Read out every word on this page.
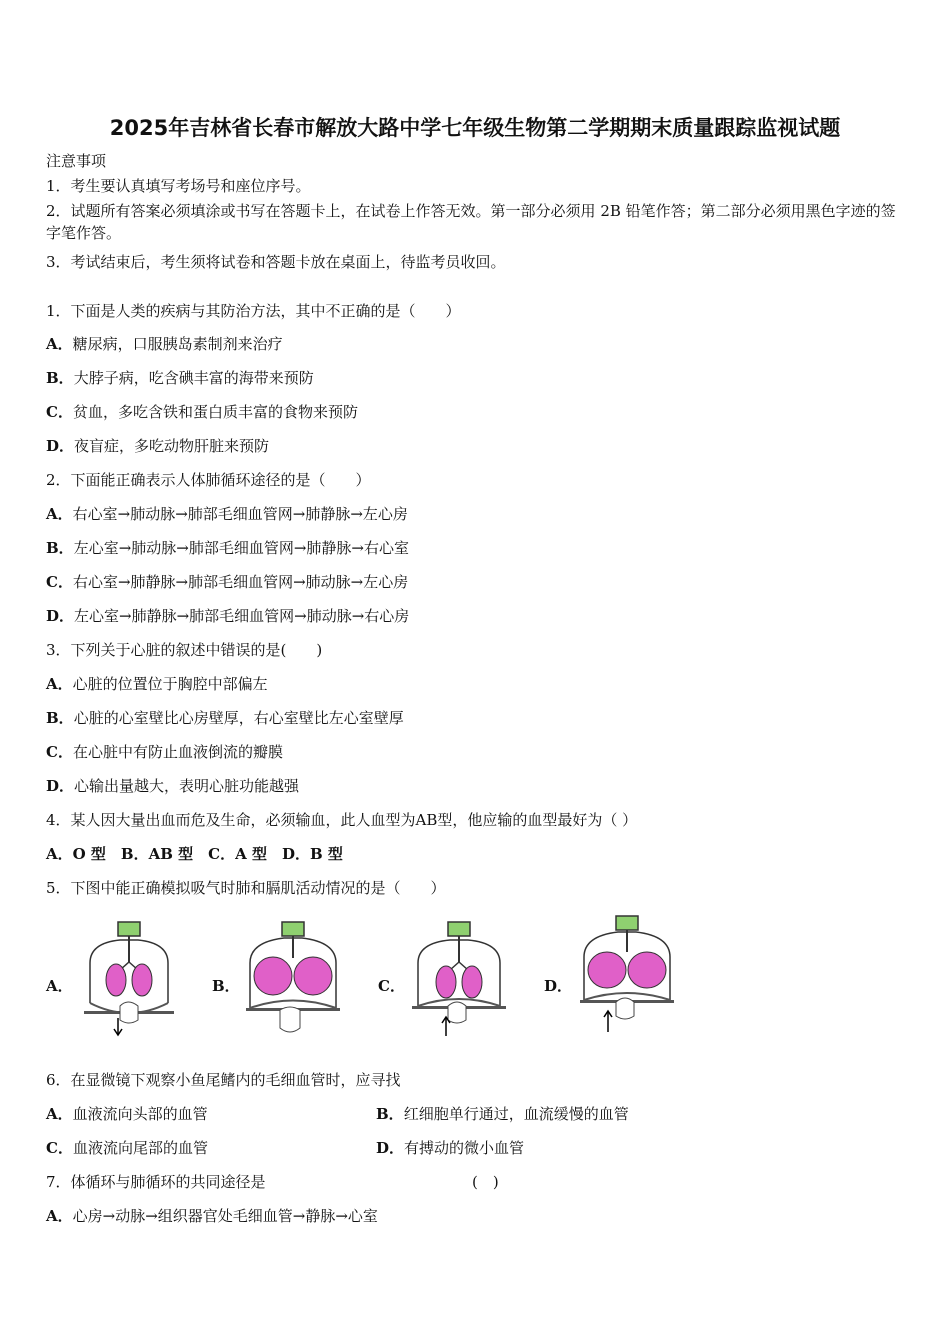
2025年吉林省长春市解放大路中学七年级生物第二学期期末质量跟踪监视试题
注意事项
1．考生要认真填写考场号和座位序号。
2．试题所有答案必须填涂或书写在答题卡上，在试卷上作答无效。第一部分必须用 2B 铅笔作答；第二部分必须用黑色字迹的签字笔作答。
3．考试结束后，考生须将试卷和答题卡放在桌面上，待监考员收回。
1．下面是人类的疾病与其防治方法，其中不正确的是（　　）
A．糖尿病，口服胰岛素制剂来治疗
B．大脖子病，吃含碘丰富的海带来预防
C．贫血，多吃含铁和蛋白质丰富的食物来预防
D．夜盲症，多吃动物肝脏来预防
2．下面能正确表示人体肺循环途径的是（　　）
A．右心室→肺动脉→肺部毛细血管网→肺静脉→左心房
B．左心室→肺动脉→肺部毛细血管网→肺静脉→右心室
C．右心室→肺静脉→肺部毛细血管网→肺动脉→左心房
D．左心室→肺静脉→肺部毛细血管网→肺动脉→右心房
3．下列关于心脏的叙述中错误的是(　　)
A．心脏的位置位于胸腔中部偏左
B．心脏的心室壁比心房壁厚，右心室壁比左心室壁厚
C．在心脏中有防止血液倒流的瓣膜
D．心输出量越大，表明心脏功能越强
4．某人因大量出血而危及生命，必须输血，此人血型为AB型，他应输的血型最好为（ ）
A．O 型　B．AB 型　C．A 型　D．B 型
5．下图中能正确模拟吸气时肺和膈肌活动情况的是（　　）
A．	B．	C．	D．
6．在显微镜下观察小鱼尾鳍内的毛细血管时，应寻找
A．血液流向头部的血管	B．红细胞单行通过，血流缓慢的血管
C．血液流向尾部的血管	D．有搏动的微小血管
7．体循环与肺循环的共同途径是	(　)
A．心房→动脉→组织器官处毛细血管→静脉→心室
